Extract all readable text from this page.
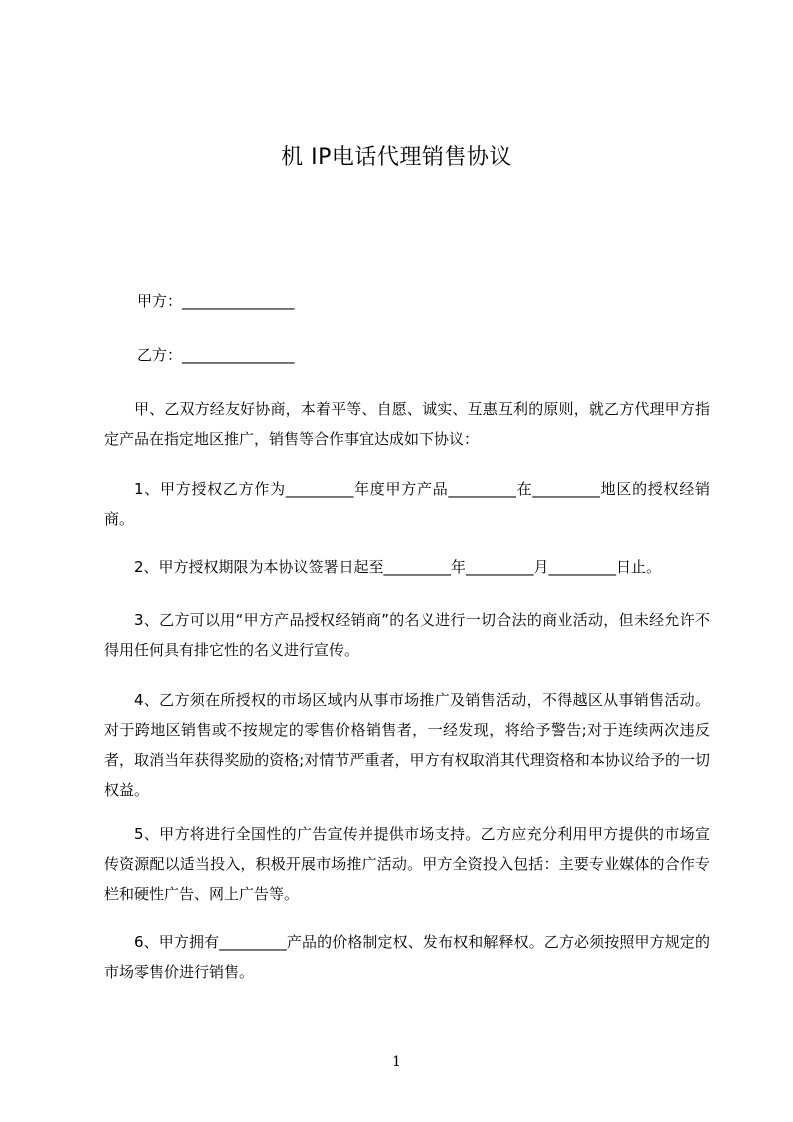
机 IP电话代理销售协议
甲方：_______________
乙方：_______________
甲、乙双方经友好协商，本着平等、自愿、诚实、互惠互利的原则，就乙方代理甲方指定产品在指定地区推广，销售等合作事宜达成如下协议：
1、甲方授权乙方作为_________年度甲方产品_________在_________地区的授权经销商。
2、甲方授权期限为本协议签署日起至_________年_________月_________日止。
3、乙方可以用“甲方产品授权经销商”的名义进行一切合法的商业活动，但未经允许不得用任何具有排它性的名义进行宣传。
4、乙方须在所授权的市场区域内从事市场推广及销售活动，不得越区从事销售活动。对于跨地区销售或不按规定的零售价格销售者，一经发现，将给予警告;对于连续两次违反者，取消当年获得奖励的资格;对情节严重者，甲方有权取消其代理资格和本协议给予的一切权益。
5、甲方将进行全国性的广告宣传并提供市场支持。乙方应充分利用甲方提供的市场宣传资源配以适当投入，积极开展市场推广活动。甲方全资投入包括：主要专业媒体的合作专栏和硬性广告、网上广告等。
6、甲方拥有_________产品的价格制定权、发布权和解释权。乙方必须按照甲方规定的市场零售价进行销售。
1
